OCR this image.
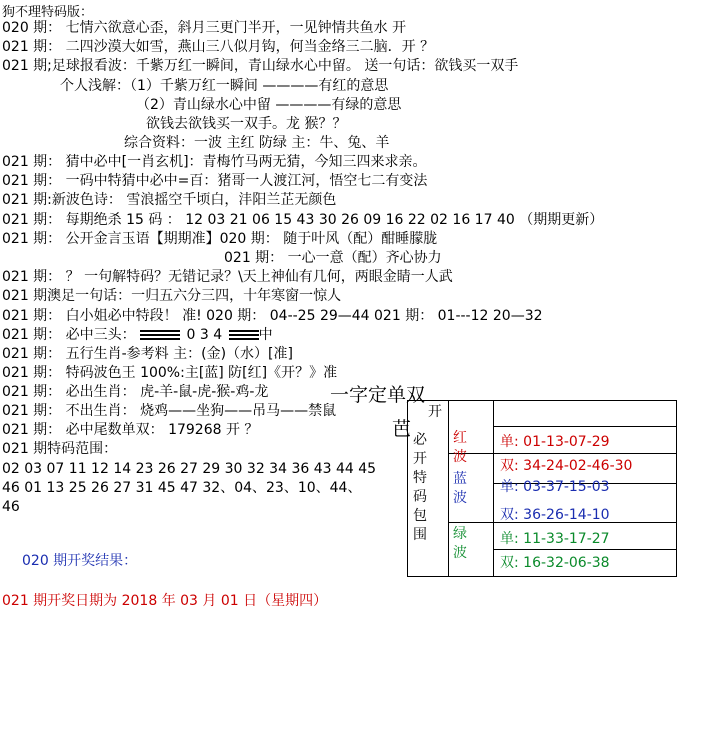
狗不理特码版：
020 期： 七情六欲意心歪，斜月三更门半开，一见钟情共鱼水 开
021 期： 二四沙漠大如雪，燕山三八似月钩，何当金络三二脑．开 ？
021 期;足球报看波：千紫万红一瞬间，青山绿水心中留。 送一句话：欲钱买一双手
个人浅解：（1）千紫万红一瞬间 ————有红的意思
（2）青山绿水心中留 ————有绿的意思
欲钱去欲钱买一双手。龙 猴？？
综合资料：一波 主红 防绿 主：牛、兔、羊
021 期： 猜中必中[一肖玄机]：青梅竹马两无猜，今知三四来求亲。
021 期： 一码中特猜中必中=百：猪哥一人渡江河，悟空七二有变法
021 期:新波色诗： 雪浪摇空千顷白，沣阳兰芷无颜色
021 期： 每期绝杀 15 码 ： 12 03 21 06 15 43 30 26 09 16 22 02 16 17 40 （期期更新）
021 期： 公开金言玉语【期期准】020 期： 随于叶风（配）酣睡朦胧
021 期： 一心一意（配）齐心协力
021 期： ？ 一句解特码？无错记录？\天上神仙有几何，两眼金睛一人武
021 期澳足一句话：一归五六分三四，十年寒窗一惊人
021 期： 白小姐必中特段！ 准! 020 期： 04--25 29—44 021 期： 01---12 20—32
021 期： 必中三头：	0 3 4	中
021 期： 五行生肖-参考料 主：(金)（水）[准]
021 期： 特码波色王 100%:主[蓝] 防[红]《开？》准
021 期： 必出生肖： 虎-羊-鼠-虎-猴-鸡-龙
021 期： 不出生肖： 烧鸡——坐狗——吊马——禁鼠
021 期： 必中尾数单双： 179268 开 ？
021 期特码范围：
02 03 07 11 12 14 23 26 27 29 30 32 34 36 43 44 45
46 01 13 25 26 27 31 45 47 32、04、23、10、44、
46
020 期开奖结果：
021 期开奖日期为 2018 年 03 月 01 日（星期四）
开
必开特码包围
红波
蓝波
绿波
单: 01-13-07-29
双: 34-24-02-46-30
单: 03-37-15-03
双: 36-26-14-10
单: 11-33-17-27
双: 16-32-06-38
一字定单双
芭
